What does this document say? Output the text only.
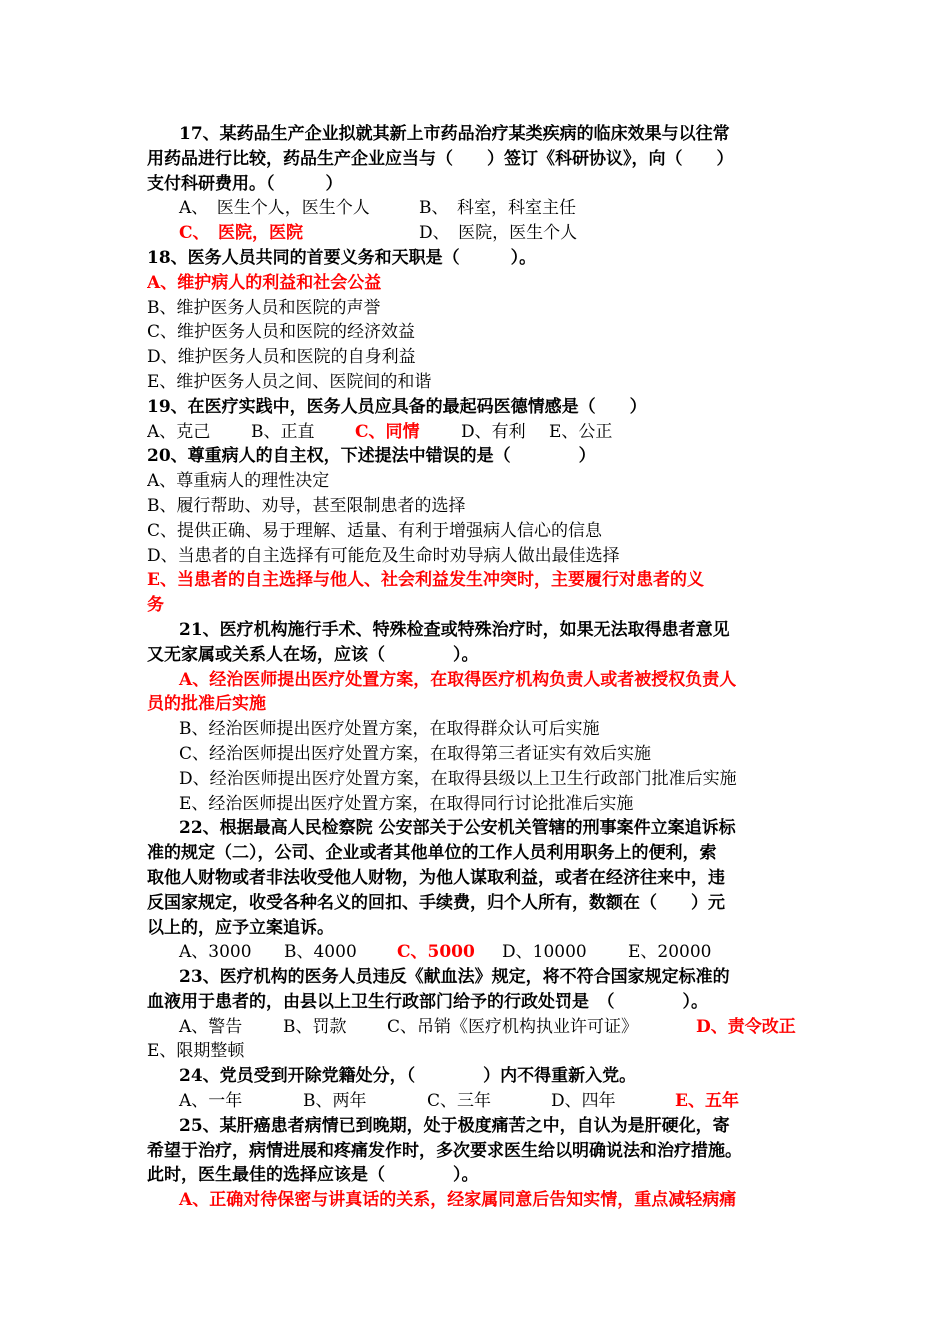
17、某药品生产企业拟就其新上市药品治疗某类疾病的临床效果与以往常
用药品进行比较，药品生产企业应当与（　　）签订《科研协议》，向（　　）
支付科研费用。（　　　）
A、　医生个人，医生个人	B、　科室，科室主任
C、　医院，医院	D、　医院，医生个人
18、医务人员共同的首要义务和天职是（　　　）。
A、维护病人的利益和社会公益
B、维护医务人员和医院的声誉
C、维护医务人员和医院的经济效益
D、维护医务人员和医院的自身利益
E、维护医务人员之间、医院间的和谐
19、在医疗实践中，医务人员应具备的最起码医德情感是（　　）
A、克己 B、正直 C、同情 D、有利 E、公正
20、尊重病人的自主权，下述提法中错误的是（　　　　）
A、尊重病人的理性决定
B、履行帮助、劝导，甚至限制患者的选择
C、提供正确、易于理解、适量、有利于增强病人信心的信息
D、当患者的自主选择有可能危及生命时劝导病人做出最佳选择
E、当患者的自主选择与他人、社会利益发生冲突时，主要履行对患者的义
务
21、医疗机构施行手术、特殊检查或特殊治疗时，如果无法取得患者意见
又无家属或关系人在场，应该（　　　　）。
A、经治医师提出医疗处置方案，在取得医疗机构负责人或者被授权负责人
员的批准后实施
B、经治医师提出医疗处置方案，在取得群众认可后实施
C、经治医师提出医疗处置方案，在取得第三者证实有效后实施
D、经治医师提出医疗处置方案，在取得县级以上卫生行政部门批准后实施
E、经治医师提出医疗处置方案，在取得同行讨论批准后实施
22、根据最高人民检察院 公安部关于公安机关管辖的刑事案件立案追诉标
准的规定（二），公司、企业或者其他单位的工作人员利用职务上的便利，索
取他人财物或者非法收受他人财物，为他人谋取利益，或者在经济往来中，违
反国家规定，收受各种名义的回扣、手续费，归个人所有，数额在（　　）元
以上的，应予立案追诉。
A、3000 B、4000 C、5000 D、10000 E、20000
23、医疗机构的医务人员违反《献血法》规定，将不符合国家规定标准的
血液用于患者的，由县以上卫生行政部门给予的行政处罚是　（　　　　）。
A、警告 B、罚款 C、吊销《医疗机构执业许可证》	D、责令改正
E、限期整顿
24、党员受到开除党籍处分，（　　　　）内不得重新入党。
A、一年	B、两年	C、三年	D、四年	E、五年
25、某肝癌患者病情已到晚期，处于极度痛苦之中，自认为是肝硬化，寄
希望于治疗，病情进展和疼痛发作时，多次要求医生给以明确说法和治疗措施。
此时，医生最佳的选择应该是（　　　　）。
A、正确对待保密与讲真话的关系，经家属同意后告知实情，重点减轻病痛
